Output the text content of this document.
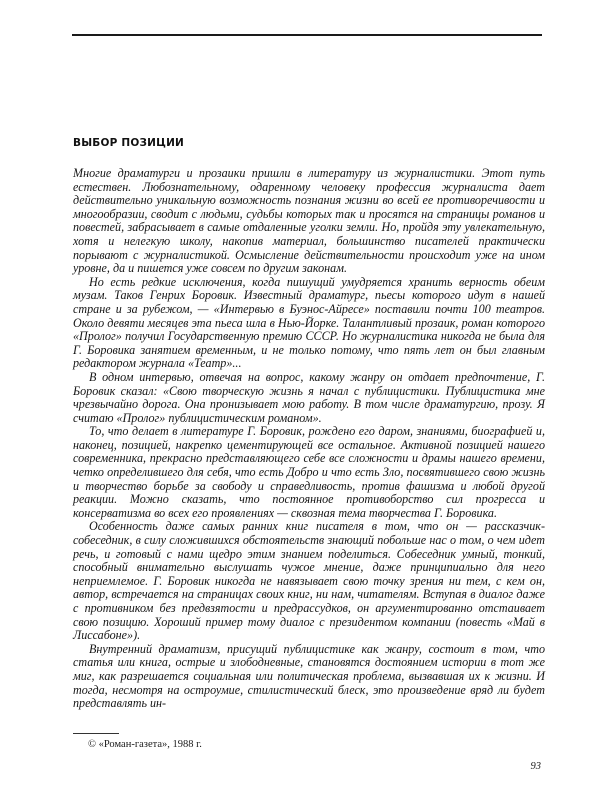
ВЫБОР ПОЗИЦИИ

Многие драматурги и прозаики пришли в литературу из журналистики. Этот путь естествен. Любознательному, одаренному человеку профессия журналиста дает действительно уникальную возможность познания жизни во всей ее противоречивости и многообразии, сводит с людьми, судьбы которых так и просятся на страницы романов и повестей, забрасывает в самые отдаленные уголки земли. Но, пройдя эту увлекательную, хотя и нелегкую школу, накопив материал, большинство писателей практически порывают с журналистикой. Осмысление действительности происходит уже на ином уровне, да и пишется уже совсем по другим законам.

Но есть редкие исключения, когда пишущий умудряется хранить верность обеим музам. Таков Генрих Боровик. Известный драматург, пьесы которого идут в нашей стране и за рубежом, — «Интервью в Буэнос-Айресе» поставили почти 100 театров. Около девяти месяцев эта пьеса шла в Нью-Йорке. Талантливый прозаик, роман которого «Пролог» получил Государственную премию СССР. Но журналистика никогда не была для Г. Боровика занятием временным, и не только потому, что пять лет он был главным редактором журнала «Театр»...

В одном интервью, отвечая на вопрос, какому жанру он отдает предпочтение, Г. Боровик сказал: «Свою творческую жизнь я начал с публицистики. Публицистика мне чрезвычайно дорога. Она пронизывает мою работу. В том числе драматургию, прозу. Я считаю «Пролог» публицистическим романом».

То, что делает в литературе Г. Боровик, рождено его даром, знаниями, биографией и, наконец, позицией, накрепко цементирующей все остальное. Активной позицией нашего современника, прекрасно представляющего себе все сложности и драмы нашего времени, четко определившего для себя, что есть Добро и что есть Зло, посвятившего свою жизнь и творчество борьбе за свободу и справедливость, против фашизма и любой другой реакции. Можно сказать, что постоянное противоборство сил прогресса и консерватизма во всех его проявлениях — сквозная тема творчества Г. Боровика.

Особенность даже самых ранних книг писателя в том, что он — рассказчик-собеседник, в силу сложившихся обстоятельств знающий побольше нас о том, о чем идет речь, и готовый с нами щедро этим знанием поделиться. Собеседник умный, тонкий, способный внимательно выслушать чужое мнение, даже принципиально для него неприемлемое. Г. Боровик никогда не навязывает свою точку зрения ни тем, с кем он, автор, встречается на страницах своих книг, ни нам, читателям. Вступая в диалог даже с противником без предвзятости и предрассудков, он аргументированно отстаивает свою позицию. Хороший пример тому диалог с президентом компании (повесть «Май в Лиссабоне»).

Внутренний драматизм, присущий публицистике как жанру, состоит в том, что статья или книга, острые и злободневные, становятся достоянием истории в тот же миг, как разрешается социальная или политическая проблема, вызвавшая их к жизни. И тогда, несмотря на остроумие, стилистический блеск, это произведение вряд ли будет представлять ин-

© «Роман-газета», 1988 г.
93
